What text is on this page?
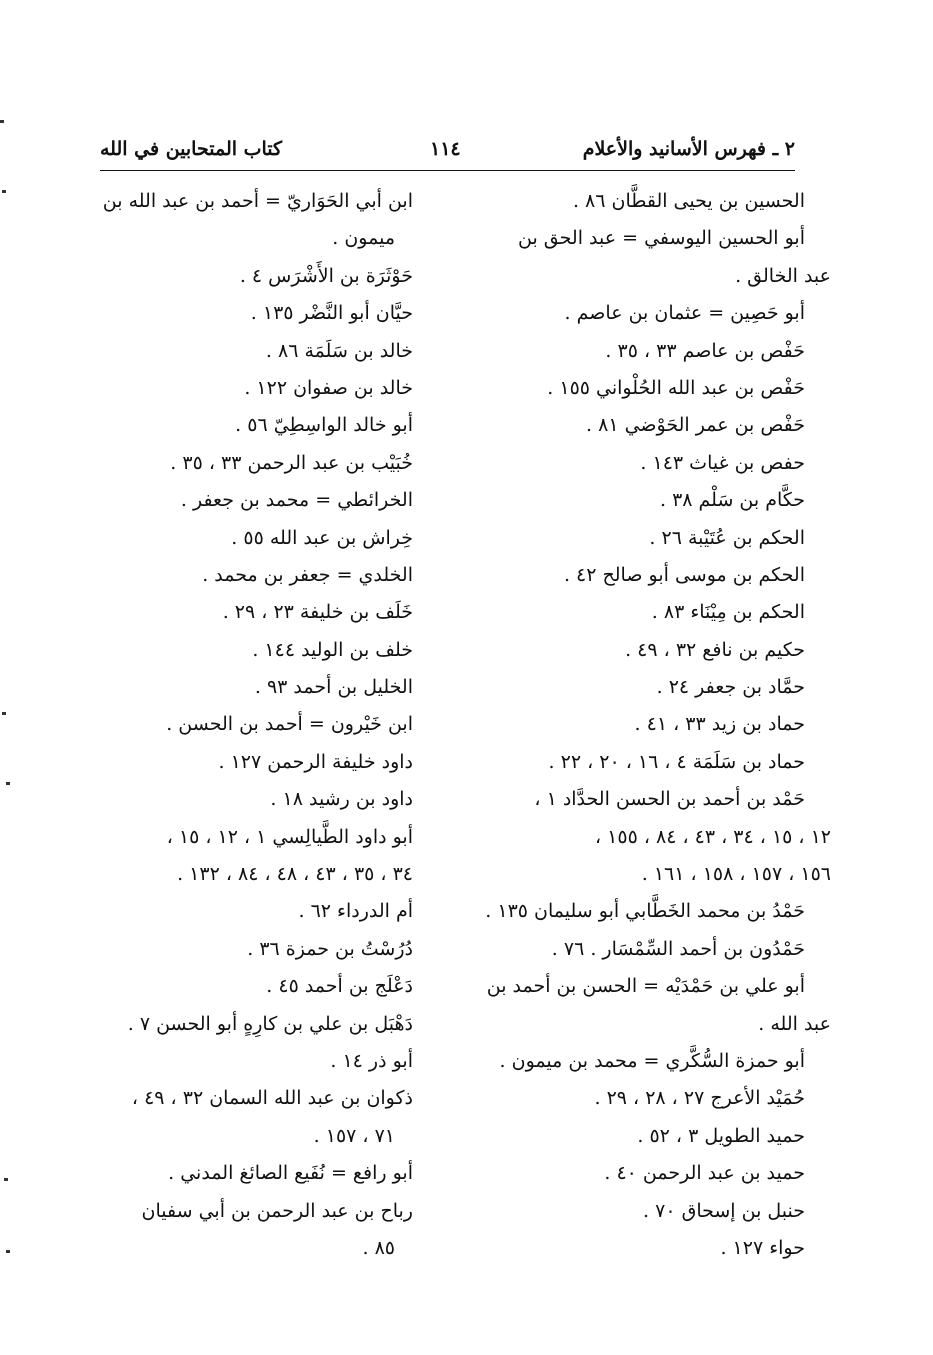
٢ ـ فهرس الأسانيد والأعلام
١١٤
كتاب المتحابين في الله
الحسين بن يحيى القطَّان ٨٦ .
أبو الحسين اليوسفي = عبد الحق بن
عبد الخالق .
أبو حَصِين = عثمان بن عاصم .
حَفْص بن عاصم ٣٣ ، ٣٥ .
حَفْص بن عبد الله الحُلْواني ١٥٥ .
حَفْص بن عمر الحَوْضي ٨١ .
حفص بن غياث ١٤٣ .
حكَّام بن سَلْم ٣٨ .
الحكم بن عُتَيْبة ٢٦ .
الحكم بن موسى أبو صالح ٤٢ .
الحكم بن مِيْنَاء ٨٣ .
حكيم بن نافع ٣٢ ، ٤٩ .
حمَّاد بن جعفر ٢٤ .
حماد بن زيد ٣٣ ، ٤١ .
حماد بن سَلَمَة ٤ ، ١٦ ، ٢٠ ، ٢٢ .
حَمْد بن أحمد بن الحسن الحدَّاد ١ ،
١٢ ، ١٥ ، ٣٤ ، ٤٣ ، ٨٤ ، ١٥٥ ،
١٥٦ ، ١٥٧ ، ١٥٨ ، ١٦١ .
حَمْدُ بن محمد الخَطَّابي أبو سليمان ١٣٥ .
حَمْدُون بن أحمد السِّمْسَار . ٧٦ .
أبو علي بن حَمْدَيْه = الحسن بن أحمد بن
عبد الله .
أبو حمزة السُّكَّري = محمد بن ميمون .
حُمَيْد الأعرج ٢٧ ، ٢٨ ، ٢٩ .
حميد الطويل ٣ ، ٥٢ .
حميد بن عبد الرحمن ٤٠ .
حنبل بن إسحاق ٧٠ .
حواء ١٢٧ .
ابن أبي الحَوَاريّ = أحمد بن عبد الله بن
ميمون .
حَوْثَرَة بن الأَشْرَس ٤ .
حيَّان أبو النَّضْر ١٣٥ .
خالد بن سَلَمَة ٨٦ .
خالد بن صفوان ١٢٢ .
أبو خالد الواسِطِيّ ٥٦ .
خُبَيْب بن عبد الرحمن ٣٣ ، ٣٥ .
الخرائطي = محمد بن جعفر .
خِراش بن عبد الله ٥٥ .
الخلدي = جعفر بن محمد .
خَلَف بن خليفة ٢٣ ، ٢٩ .
خلف بن الوليد ١٤٤ .
الخليل بن أحمد ٩٣ .
ابن خَيْرون = أحمد بن الحسن .
داود خليفة الرحمن ١٢٧ .
داود بن رشيد ١٨ .
أبو داود الطَّيالِسي ١ ، ١٢ ، ١٥ ،
٣٤ ، ٣٥ ، ٤٣ ، ٤٨ ، ٨٤ ، ١٣٢ .
أم الدرداء ٦٢ .
دُرُسْتُ بن حمزة ٣٦ .
دَعْلَج بن أحمد ٤٥ .
دَهْبَل بن علي بن كارِهٍ أبو الحسن ٧ .
أبو ذر ١٤ .
ذكوان بن عبد الله السمان ٣٢ ، ٤٩ ،
٧١ ، ١٥٧ .
أبو رافع = نُفَيع الصائغ المدني .
رباح بن عبد الرحمن بن أبي سفيان
٨٥ .
